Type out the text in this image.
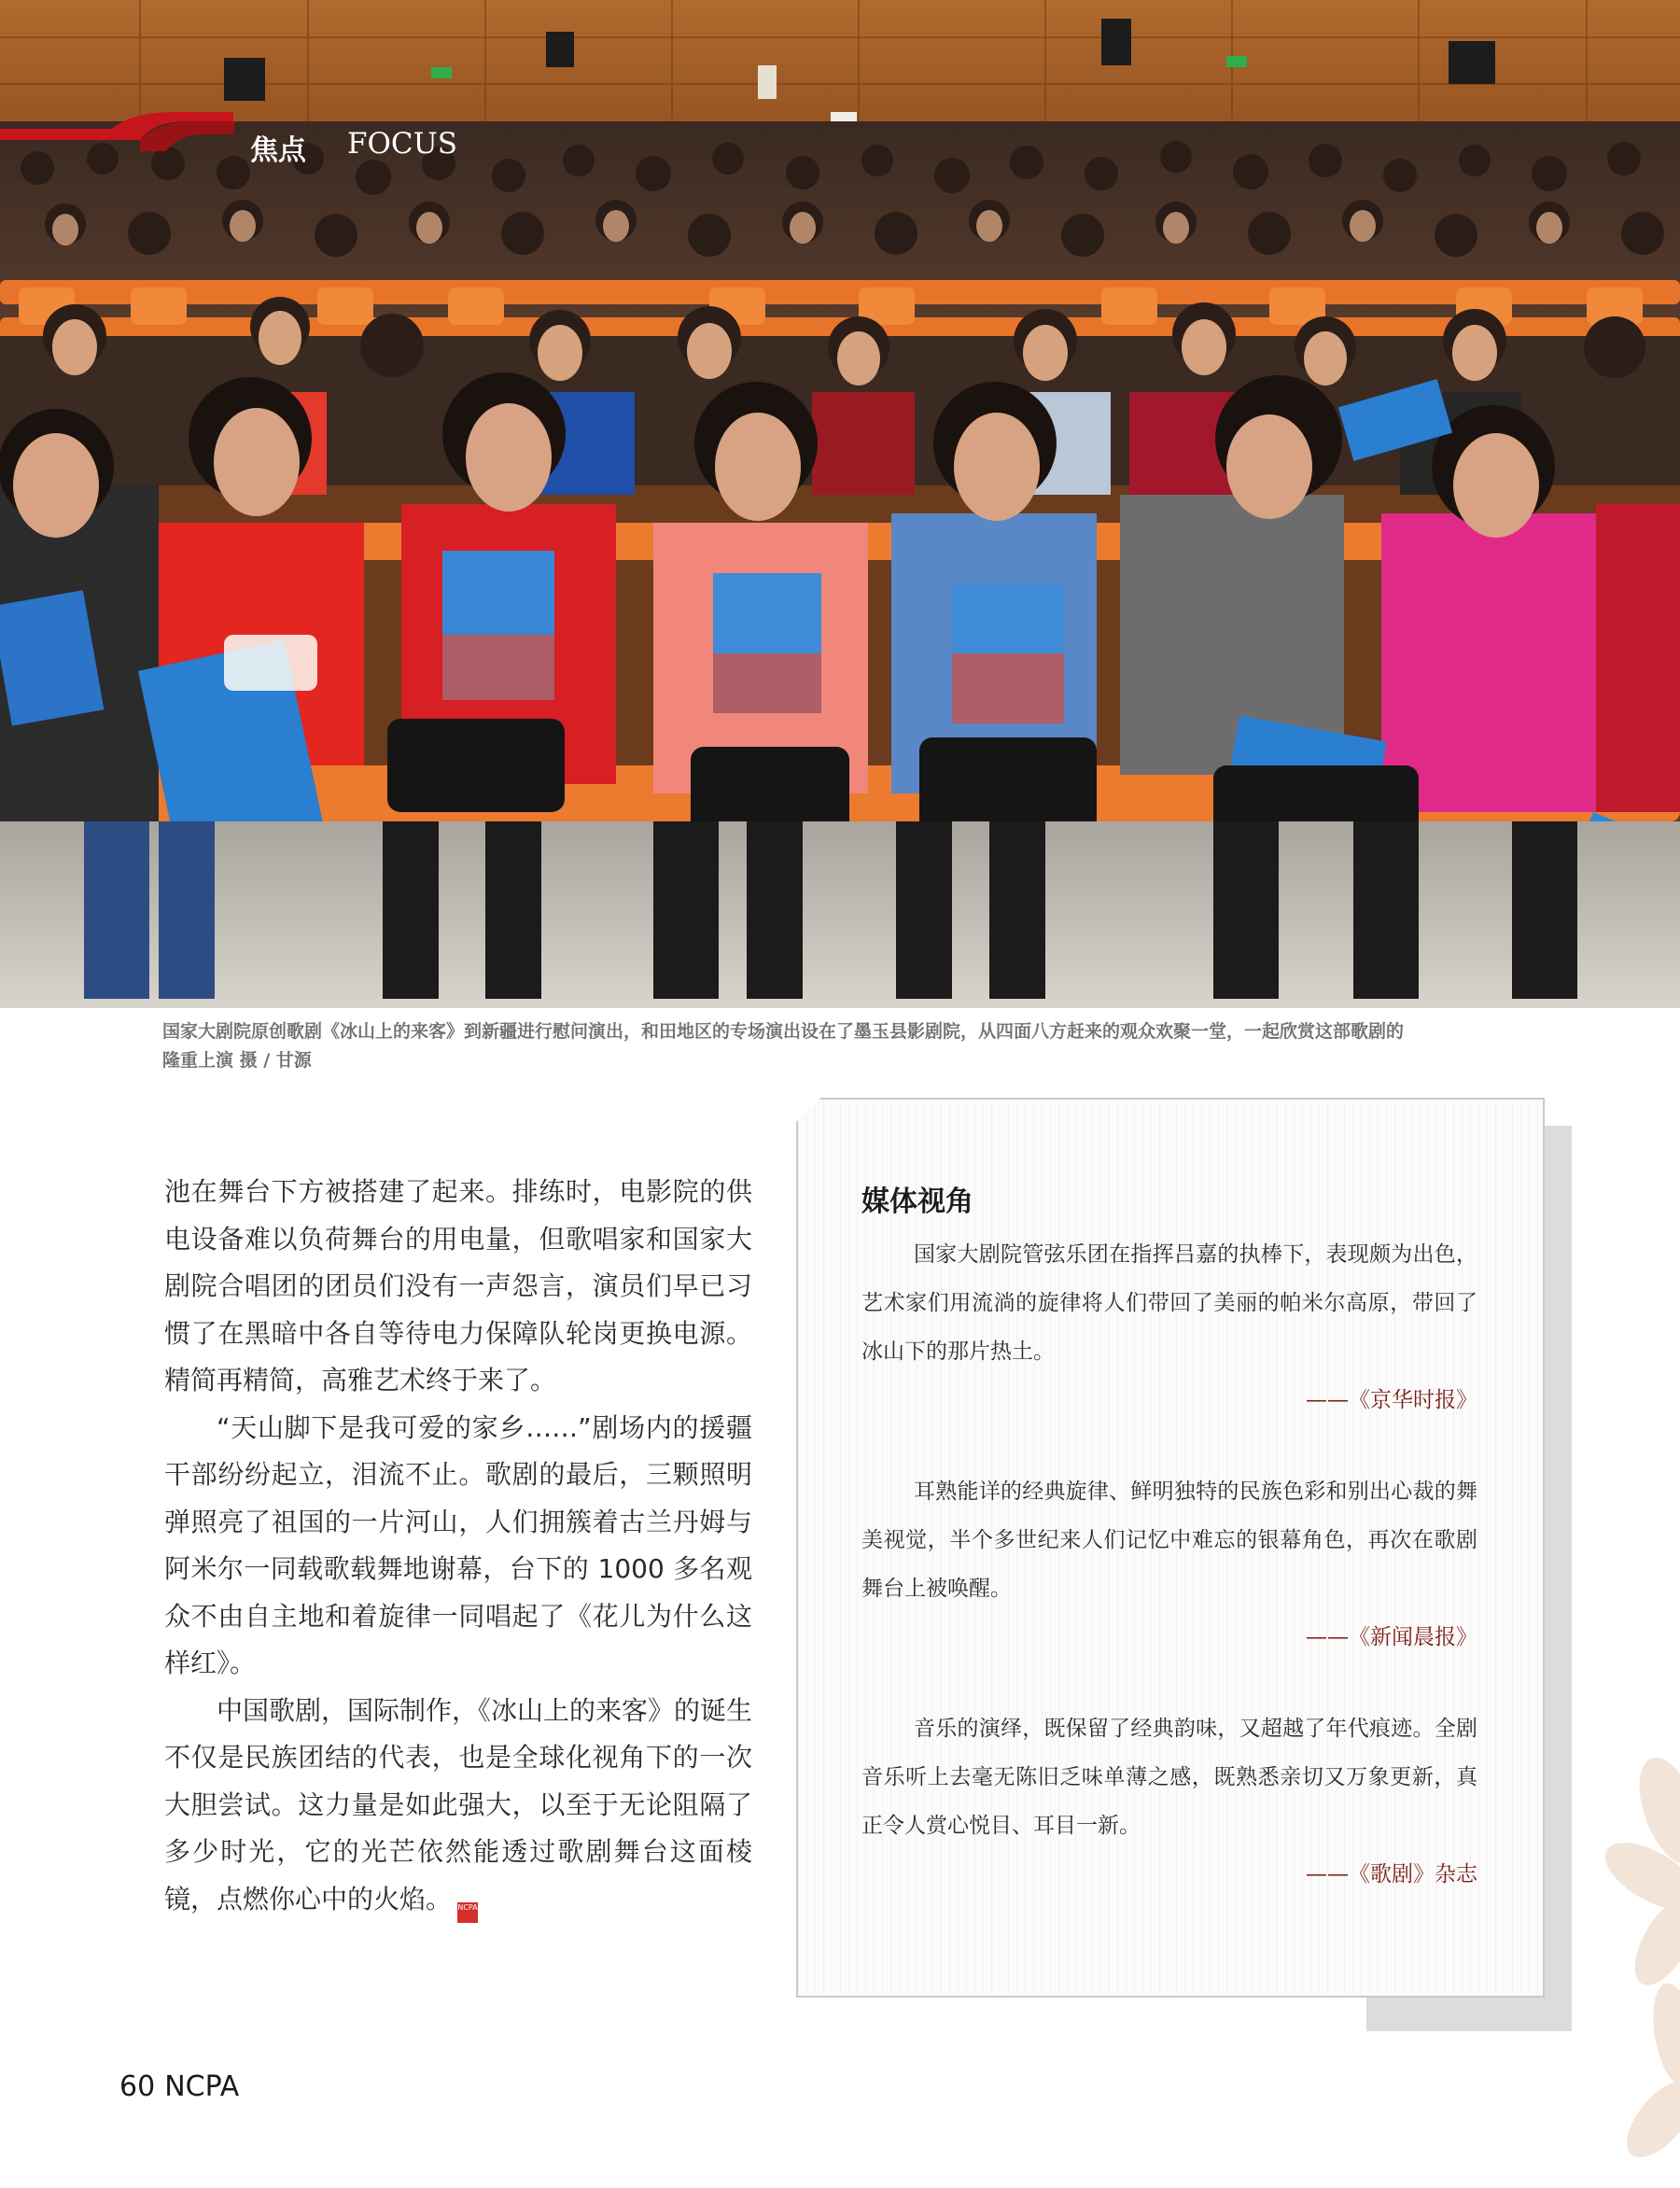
焦点 FOCUS
国家大剧院原创歌剧《冰山上的来客》到新疆进行慰问演出，和田地区的专场演出设在了墨玉县影剧院，从四面八方赶来的观众欢聚一堂，一起欣赏这部歌剧的
隆重上演 摄 / 甘源

池在舞台下方被搭建了起来。排练时，电影院的供电设备难以负荷舞台的用电量，但歌唱家和国家大剧院合唱团的团员们没有一声怨言，演员们早已习惯了在黑暗中各自等待电力保障队轮岗更换电源。精简再精简，高雅艺术终于来了。

“天山脚下是我可爱的家乡……”剧场内的援疆干部纷纷起立，泪流不止。歌剧的最后，三颗照明弹照亮了祖国的一片河山，人们拥簇着古兰丹姆与阿米尔一同载歌载舞地谢幕，台下的 1000 多名观众不由自主地和着旋律一同唱起了《花儿为什么这样红》。

中国歌剧，国际制作，《冰山上的来客》的诞生不仅是民族团结的代表，也是全球化视角下的一次大胆尝试。这力量是如此强大，以至于无论阻隔了多少时光，它的光芒依然能透过歌剧舞台这面棱镜，点燃你心中的火焰。 NCPA

媒体视角

国家大剧院管弦乐团在指挥吕嘉的执棒下，表现颇为出色，艺术家们用流淌的旋律将人们带回了美丽的帕米尔高原，带回了冰山下的那片热土。

——《京华时报》

耳熟能详的经典旋律、鲜明独特的民族色彩和别出心裁的舞美视觉，半个多世纪来人们记忆中难忘的银幕角色，再次在歌剧舞台上被唤醒。

——《新闻晨报》

音乐的演绎，既保留了经典韵味，又超越了年代痕迹。全剧音乐听上去毫无陈旧乏味单薄之感，既熟悉亲切又万象更新，真正令人赏心悦目、耳目一新。

——《歌剧》杂志

60 NCPA
